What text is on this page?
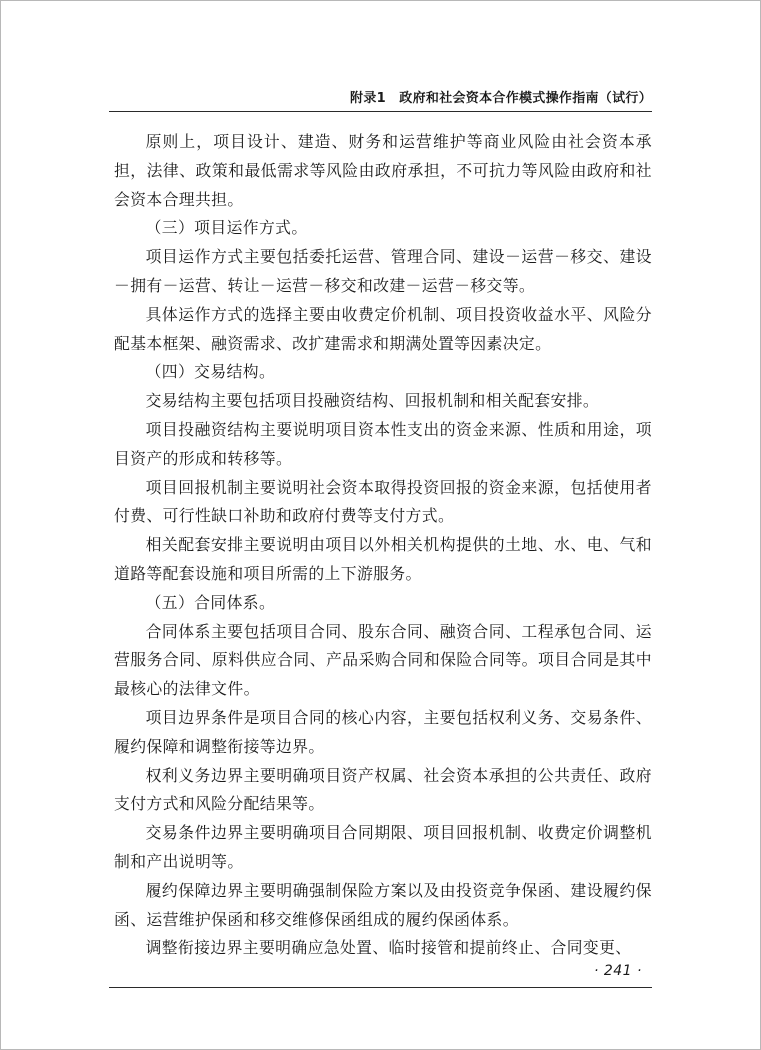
附录1　政府和社会资本合作模式操作指南（试行）

原则上，项目设计、建造、财务和运营维护等商业风险由社会资本承担，法律、政策和最低需求等风险由政府承担，不可抗力等风险由政府和社会资本合理共担。

（三）项目运作方式。

项目运作方式主要包括委托运营、管理合同、建设－运营－移交、建设－拥有－运营、转让－运营－移交和改建－运营－移交等。

具体运作方式的选择主要由收费定价机制、项目投资收益水平、风险分配基本框架、融资需求、改扩建需求和期满处置等因素决定。

（四）交易结构。

交易结构主要包括项目投融资结构、回报机制和相关配套安排。

项目投融资结构主要说明项目资本性支出的资金来源、性质和用途，项目资产的形成和转移等。

项目回报机制主要说明社会资本取得投资回报的资金来源，包括使用者付费、可行性缺口补助和政府付费等支付方式。

相关配套安排主要说明由项目以外相关机构提供的土地、水、电、气和道路等配套设施和项目所需的上下游服务。

（五）合同体系。

合同体系主要包括项目合同、股东合同、融资合同、工程承包合同、运营服务合同、原料供应合同、产品采购合同和保险合同等。项目合同是其中最核心的法律文件。

项目边界条件是项目合同的核心内容，主要包括权利义务、交易条件、履约保障和调整衔接等边界。

权利义务边界主要明确项目资产权属、社会资本承担的公共责任、政府支付方式和风险分配结果等。

交易条件边界主要明确项目合同期限、项目回报机制、收费定价调整机制和产出说明等。

履约保障边界主要明确强制保险方案以及由投资竞争保函、建设履约保函、运营维护保函和移交维修保函组成的履约保函体系。

调整衔接边界主要明确应急处置、临时接管和提前终止、合同变更、

· 241 ·
